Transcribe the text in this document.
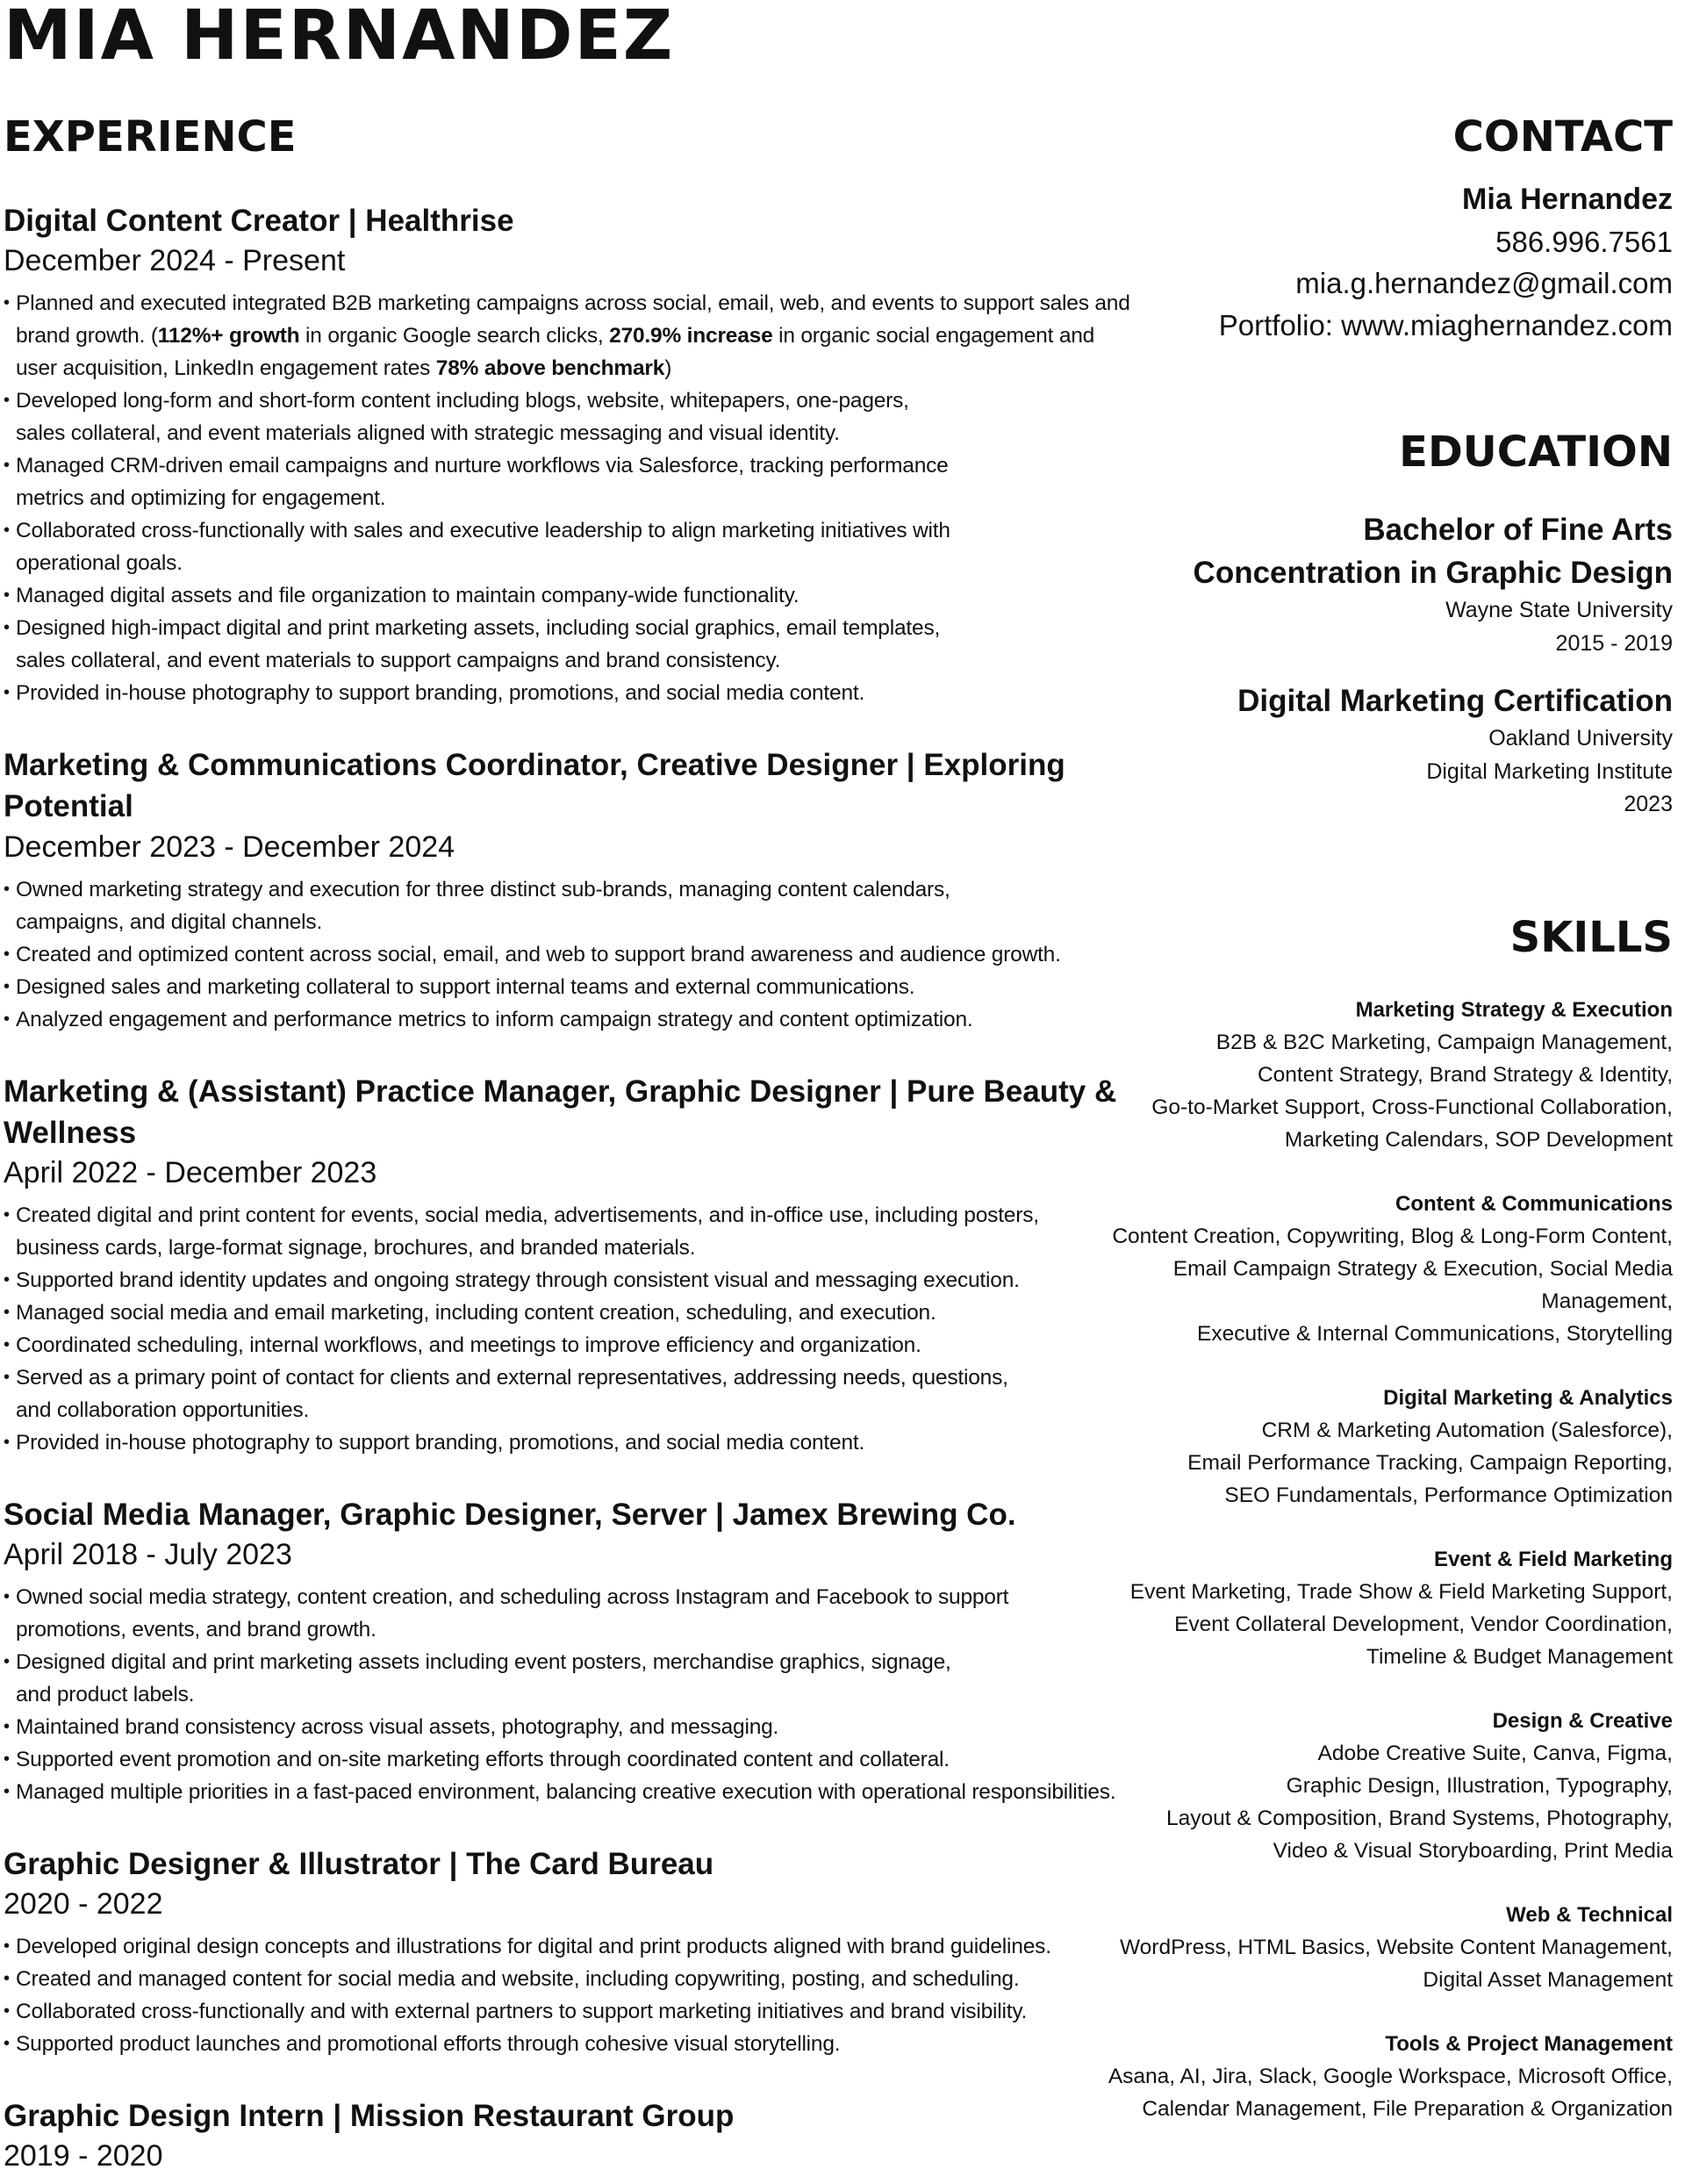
MIA HERNANDEZ
EXPERIENCE
Digital Content Creator | Healthrise
December 2024 - Present
• Planned and executed integrated B2B marketing campaigns across social, email, web, and events to support sales and brand growth. (112%+ growth in organic Google search clicks, 270.9% increase in organic social engagement and user acquisition, LinkedIn engagement rates 78% above benchmark)
• Developed long-form and short-form content including blogs, website, whitepapers, one-pagers,
sales collateral, and event materials aligned with strategic messaging and visual identity.
• Managed CRM-driven email campaigns and nurture workflows via Salesforce, tracking performance
metrics and optimizing for engagement.
• Collaborated cross-functionally with sales and executive leadership to align marketing initiatives with
operational goals.
• Managed digital assets and file organization to maintain company-wide functionality.
• Designed high-impact digital and print marketing assets, including social graphics, email templates,
sales collateral, and event materials to support campaigns and brand consistency.
• Provided in-house photography to support branding, promotions, and social media content.
Marketing & Communications Coordinator, Creative Designer | Exploring Potential
December 2023 - December 2024
• Owned marketing strategy and execution for three distinct sub-brands, managing content calendars,
campaigns, and digital channels.
• Created and optimized content across social, email, and web to support brand awareness and audience growth.
• Designed sales and marketing collateral to support internal teams and external communications.
• Analyzed engagement and performance metrics to inform campaign strategy and content optimization.
Marketing & (Assistant) Practice Manager, Graphic Designer | Pure Beauty & Wellness
April 2022 - December 2023
• Created digital and print content for events, social media, advertisements, and in-office use, including posters,
business cards, large-format signage, brochures, and branded materials.
• Supported brand identity updates and ongoing strategy through consistent visual and messaging execution.
• Managed social media and email marketing, including content creation, scheduling, and execution.
• Coordinated scheduling, internal workflows, and meetings to improve efficiency and organization.
• Served as a primary point of contact for clients and external representatives, addressing needs, questions,
and collaboration opportunities.
• Provided in-house photography to support branding, promotions, and social media content.
Social Media Manager, Graphic Designer, Server | Jamex Brewing Co.
April 2018 - July 2023
• Owned social media strategy, content creation, and scheduling across Instagram and Facebook to support
promotions, events, and brand growth.
• Designed digital and print marketing assets including event posters, merchandise graphics, signage,
and product labels.
• Maintained brand consistency across visual assets, photography, and messaging.
• Supported event promotion and on-site marketing efforts through coordinated content and collateral.
• Managed multiple priorities in a fast-paced environment, balancing creative execution with operational responsibilities.
Graphic Designer & Illustrator | The Card Bureau
2020 - 2022
• Developed original design concepts and illustrations for digital and print products aligned with brand guidelines.
• Created and managed content for social media and website, including copywriting, posting, and scheduling.
• Collaborated cross-functionally and with external partners to support marketing initiatives and brand visibility.
• Supported product launches and promotional efforts through cohesive visual storytelling.
Graphic Design Intern | Mission Restaurant Group
2019 - 2020
CONTACT
Mia Hernandez
586.996.7561
mia.g.hernandez@gmail.com
Portfolio: www.miaghernandez.com
EDUCATION
Bachelor of Fine Arts
Concentration in Graphic Design
Wayne State University
2015 - 2019
Digital Marketing Certification
Oakland University
Digital Marketing Institute
2023
SKILLS
Marketing Strategy & Execution
B2B & B2C Marketing, Campaign Management,
Content Strategy, Brand Strategy & Identity,
Go-to-Market Support, Cross-Functional Collaboration,
Marketing Calendars, SOP Development
Content & Communications
Content Creation, Copywriting, Blog & Long-Form Content,
Email Campaign Strategy & Execution, Social Media Management,
Executive & Internal Communications, Storytelling
Digital Marketing & Analytics
CRM & Marketing Automation (Salesforce),
Email Performance Tracking, Campaign Reporting,
SEO Fundamentals, Performance Optimization
Event & Field Marketing
Event Marketing, Trade Show & Field Marketing Support,
Event Collateral Development, Vendor Coordination,
Timeline & Budget Management
Design & Creative
Adobe Creative Suite, Canva, Figma,
Graphic Design, Illustration, Typography,
Layout & Composition, Brand Systems, Photography,
Video & Visual Storyboarding, Print Media
Web & Technical
WordPress, HTML Basics, Website Content Management,
Digital Asset Management
Tools & Project Management
Asana, AI, Jira, Slack, Google Workspace, Microsoft Office,
Calendar Management, File Preparation & Organization
